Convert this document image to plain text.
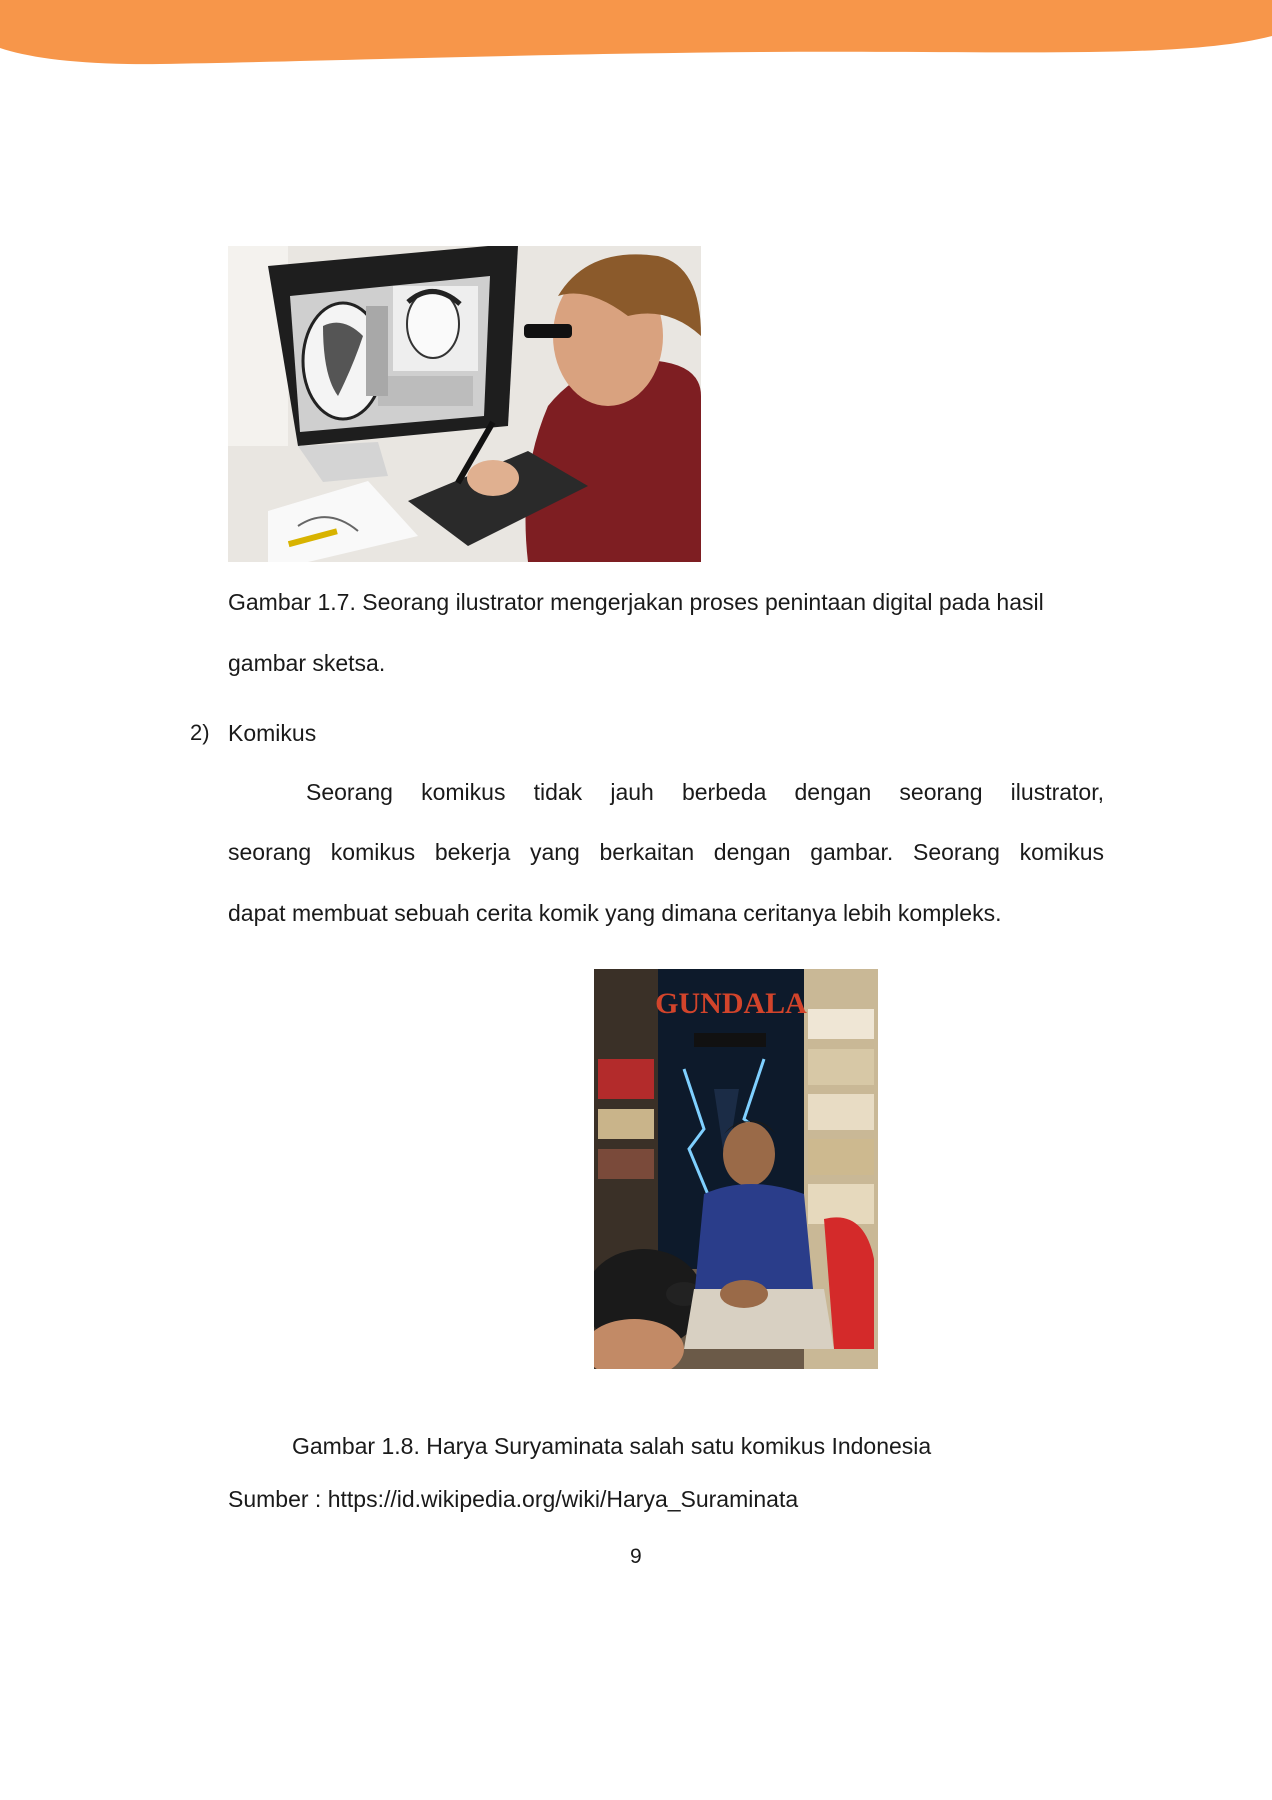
Gambar 1.7. Seorang ilustrator mengerjakan proses penintaan digital pada hasil
gambar sketsa.
2) Komikus
Seorang komikus tidak jauh berbeda dengan seorang ilustrator,
seorang komikus bekerja yang berkaitan dengan gambar. Seorang komikus
dapat membuat sebuah cerita komik yang dimana ceritanya lebih kompleks.
GUNDALA
Gambar 1.8. Harya Suryaminata salah satu komikus Indonesia
Sumber : https://id.wikipedia.org/wiki/Harya_Suraminata
9
